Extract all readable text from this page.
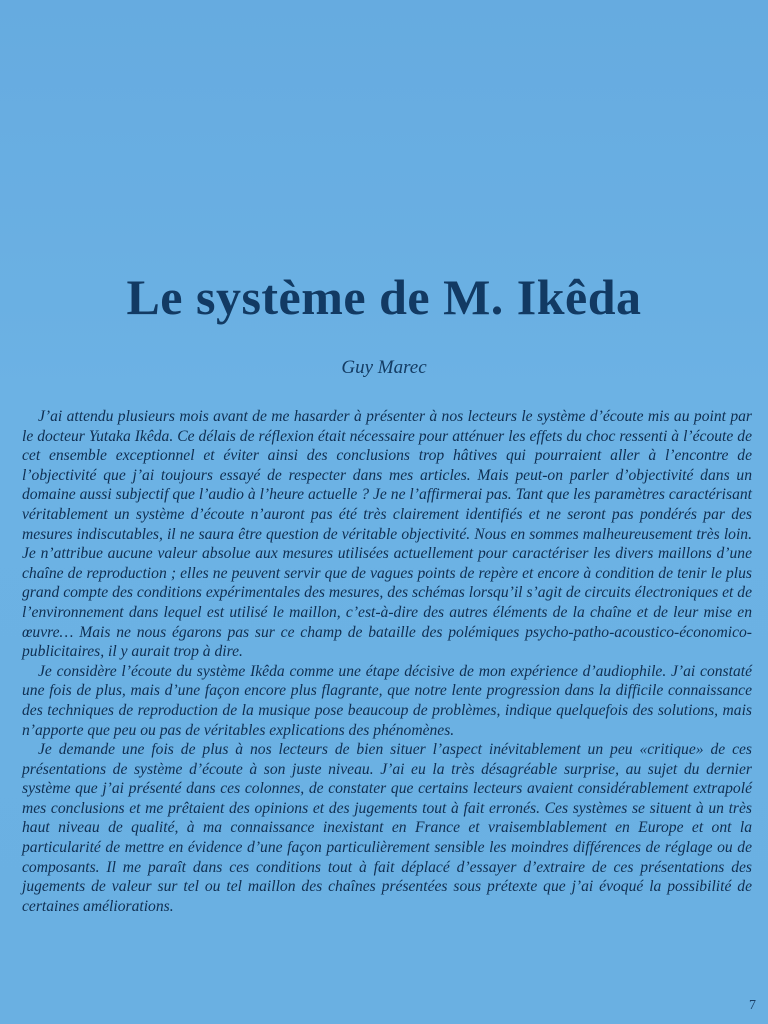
Le système de M. Ikêda

Guy Marec

J’ai attendu plusieurs mois avant de me hasarder à présenter à nos lecteurs le système d’écoute mis au point par le docteur Yutaka Ikêda. Ce délais de réflexion était nécessaire pour atténuer les effets du choc ressenti à l’écoute de cet ensemble exceptionnel et éviter ainsi des conclusions trop hâtives qui pourraient aller à l’encontre de l’objectivité que j’ai toujours essayé de respecter dans mes articles. Mais peut-on parler d’objectivité dans un domaine aussi subjectif que l’audio à l’heure actuelle ? Je ne l’affirmerai pas. Tant que les paramètres caractérisant véritablement un système d’écoute n’auront pas été très clairement identifiés et ne seront pas pondérés par des mesures indiscutables, il ne saura être question de véritable objectivité. Nous en sommes malheureusement très loin. Je n’attribue aucune valeur absolue aux mesures utilisées actuellement pour caractériser les divers maillons d’une chaîne de reproduction ; elles ne peuvent servir que de vagues points de repère et encore à condition de tenir le plus grand compte des conditions expérimentales des mesures, des schémas lorsqu’il s’agit de circuits électroniques et de l’environnement dans lequel est utilisé le maillon, c’est-à-dire des autres éléments de la chaîne et de leur mise en œuvre… Mais ne nous égarons pas sur ce champ de bataille des polémiques psycho-patho-acoustico-économico-publicitaires, il y aurait trop à dire.

Je considère l’écoute du système Ikêda comme une étape décisive de mon expérience d’audiophile. J’ai constaté une fois de plus, mais d’une façon encore plus flagrante, que notre lente progression dans la difficile connaissance des techniques de reproduction de la musique pose beaucoup de problèmes, indique quelquefois des solutions, mais n’apporte que peu ou pas de véritables explications des phénomènes.

Je demande une fois de plus à nos lecteurs de bien situer l’aspect inévitablement un peu «critique» de ces présentations de système d’écoute à son juste niveau. J’ai eu la très désagréable surprise, au sujet du dernier système que j’ai présenté dans ces colonnes, de constater que certains lecteurs avaient considérablement extrapolé mes conclusions et me prêtaient des opinions et des jugements tout à fait erronés. Ces systèmes se situent à un très haut niveau de qualité, à ma connaissance inexistant en France et vraisemblablement en Europe et ont la particularité de mettre en évidence d’une façon particulièrement sensible les moindres différences de réglage ou de composants. Il me paraît dans ces conditions tout à fait déplacé d’essayer d’extraire de ces présentations des jugements de valeur sur tel ou tel maillon des chaînes présentées sous prétexte que j’ai évoqué la possibilité de certaines améliorations.

7
